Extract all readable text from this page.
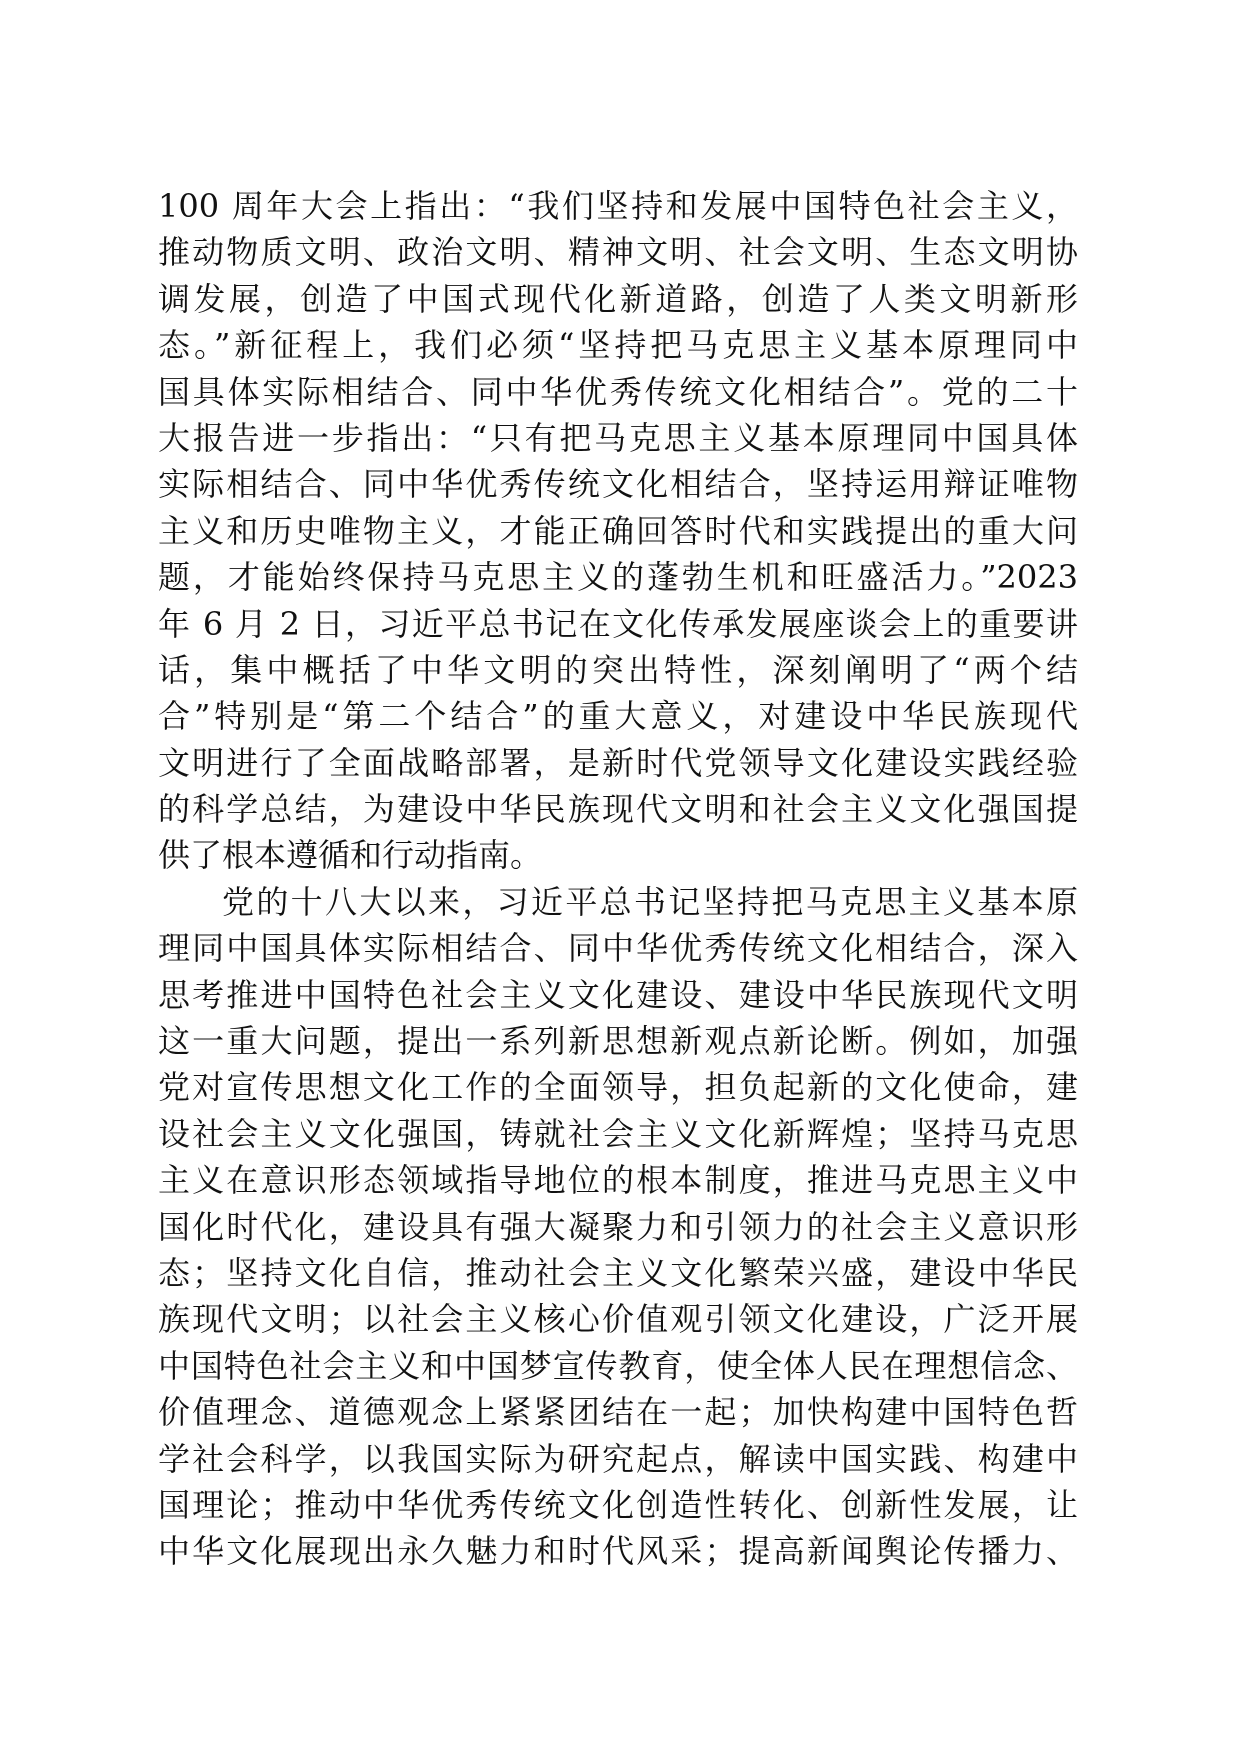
100 周年大会上指出：“我们坚持和发展中国特色社会主义，
推动物质文明、政治文明、精神文明、社会文明、生态文明协
调发展，创造了中国式现代化新道路，创造了人类文明新形
态。”新征程上，我们必须“坚持把马克思主义基本原理同中
国具体实际相结合、同中华优秀传统文化相结合”。党的二十
大报告进一步指出：“只有把马克思主义基本原理同中国具体
实际相结合、同中华优秀传统文化相结合，坚持运用辩证唯物
主义和历史唯物主义，才能正确回答时代和实践提出的重大问
题，才能始终保持马克思主义的蓬勃生机和旺盛活力。”2023
年 6 月 2 日，习近平总书记在文化传承发展座谈会上的重要讲
话，集中概括了中华文明的突出特性，深刻阐明了“两个结
合”特别是“第二个结合”的重大意义，对建设中华民族现代
文明进行了全面战略部署，是新时代党领导文化建设实践经验
的科学总结，为建设中华民族现代文明和社会主义文化强国提
供了根本遵循和行动指南。
党的十八大以来，习近平总书记坚持把马克思主义基本原
理同中国具体实际相结合、同中华优秀传统文化相结合，深入
思考推进中国特色社会主义文化建设、建设中华民族现代文明
这一重大问题，提出一系列新思想新观点新论断。例如，加强
党对宣传思想文化工作的全面领导，担负起新的文化使命，建
设社会主义文化强国，铸就社会主义文化新辉煌；坚持马克思
主义在意识形态领域指导地位的根本制度，推进马克思主义中
国化时代化，建设具有强大凝聚力和引领力的社会主义意识形
态；坚持文化自信，推动社会主义文化繁荣兴盛，建设中华民
族现代文明；以社会主义核心价值观引领文化建设，广泛开展
中国特色社会主义和中国梦宣传教育，使全体人民在理想信念、
价值理念、道德观念上紧紧团结在一起；加快构建中国特色哲
学社会科学，以我国实际为研究起点，解读中国实践、构建中
国理论；推动中华优秀传统文化创造性转化、创新性发展，让
中华文化展现出永久魅力和时代风采；提高新闻舆论传播力、
